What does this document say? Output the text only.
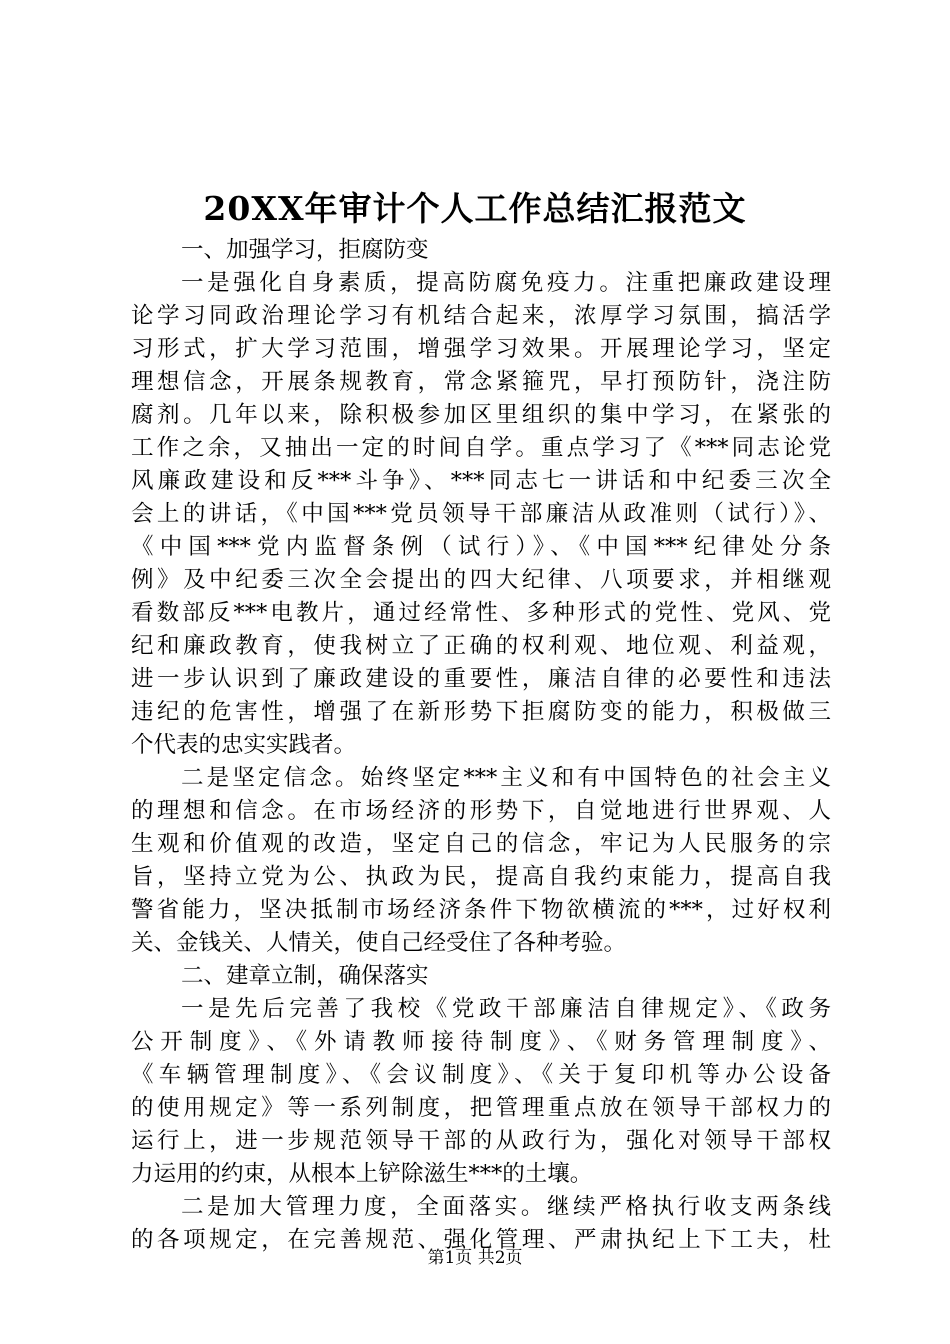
20XX年审计个人工作总结汇报范文
一、加强学习，拒腐防变
一是强化自身素质，提高防腐免疫力。注重把廉政建设理
论学习同政治理论学习有机结合起来，浓厚学习氛围，搞活学
习形式，扩大学习范围，增强学习效果。开展理论学习，坚定
理想信念，开展条规教育，常念紧箍咒，早打预防针，浇注防
腐剂。几年以来，除积极参加区里组织的集中学习，在紧张的
工作之余，又抽出一定的时间自学。重点学习了《***同志论党
风廉政建设和反***斗争》、***同志七一讲话和中纪委三次全
会上的讲话，《中国***党员领导干部廉洁从政准则（试行）》、
《中国***党内监督条例（试行）》、《中国***纪律处分条
例》及中纪委三次全会提出的四大纪律、八项要求，并相继观
看数部反***电教片，通过经常性、多种形式的党性、党风、党
纪和廉政教育，使我树立了正确的权利观、地位观、利益观，
进一步认识到了廉政建设的重要性，廉洁自律的必要性和违法
违纪的危害性，增强了在新形势下拒腐防变的能力，积极做三
个代表的忠实实践者。
二是坚定信念。始终坚定***主义和有中国特色的社会主义
的理想和信念。在市场经济的形势下，自觉地进行世界观、人
生观和价值观的改造，坚定自己的信念，牢记为人民服务的宗
旨，坚持立党为公、执政为民，提高自我约束能力，提高自我
警省能力，坚决抵制市场经济条件下物欲横流的***，过好权利
关、金钱关、人情关，使自己经受住了各种考验。
二、建章立制，确保落实
一是先后完善了我校《党政干部廉洁自律规定》、《政务
公开制度》、《外请教师接待制度》、《财务管理制度》、
《车辆管理制度》、《会议制度》、《关于复印机等办公设备
的使用规定》等一系列制度，把管理重点放在领导干部权力的
运行上，进一步规范领导干部的从政行为，强化对领导干部权
力运用的约束，从根本上铲除滋生***的土壤。
二是加大管理力度，全面落实。继续严格执行收支两条线
的各项规定，在完善规范、强化管理、严肃执纪上下工夫，杜
第1页 共2页
